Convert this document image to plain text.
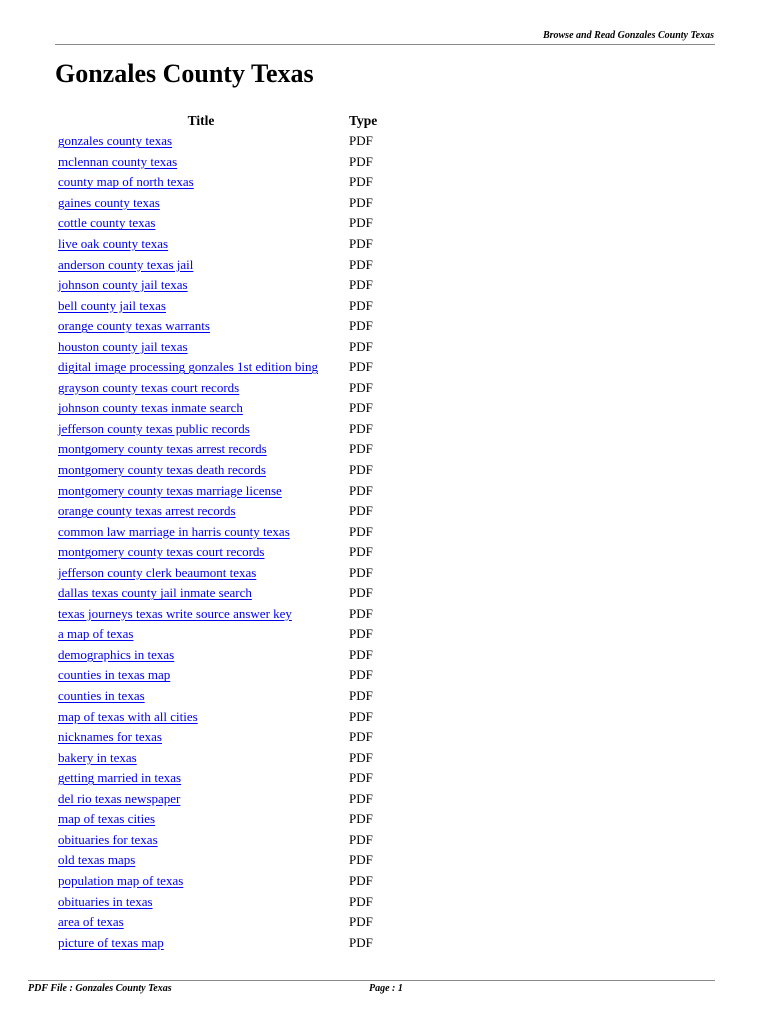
Browse and Read Gonzales County Texas
Gonzales County Texas
Title	Type
gonzales county texas	PDF
mclennan county texas	PDF
county map of north texas	PDF
gaines county texas	PDF
cottle county texas	PDF
live oak county texas	PDF
anderson county texas jail	PDF
johnson county jail texas	PDF
bell county jail texas	PDF
orange county texas warrants	PDF
houston county jail texas	PDF
digital image processing gonzales 1st edition bing	PDF
grayson county texas court records	PDF
johnson county texas inmate search	PDF
jefferson county texas public records	PDF
montgomery county texas arrest records	PDF
montgomery county texas death records	PDF
montgomery county texas marriage license	PDF
orange county texas arrest records	PDF
common law marriage in harris county texas	PDF
montgomery county texas court records	PDF
jefferson county clerk beaumont texas	PDF
dallas texas county jail inmate search	PDF
texas journeys texas write source answer key	PDF
a map of texas	PDF
demographics in texas	PDF
counties in texas map	PDF
counties in texas	PDF
map of texas with all cities	PDF
nicknames for texas	PDF
bakery in texas	PDF
getting married in texas	PDF
del rio texas newspaper	PDF
map of texas cities	PDF
obituaries for texas	PDF
old texas maps	PDF
population map of texas	PDF
obituaries in texas	PDF
area of texas	PDF
picture of texas map	PDF
PDF File : Gonzales County Texas	Page : 1
